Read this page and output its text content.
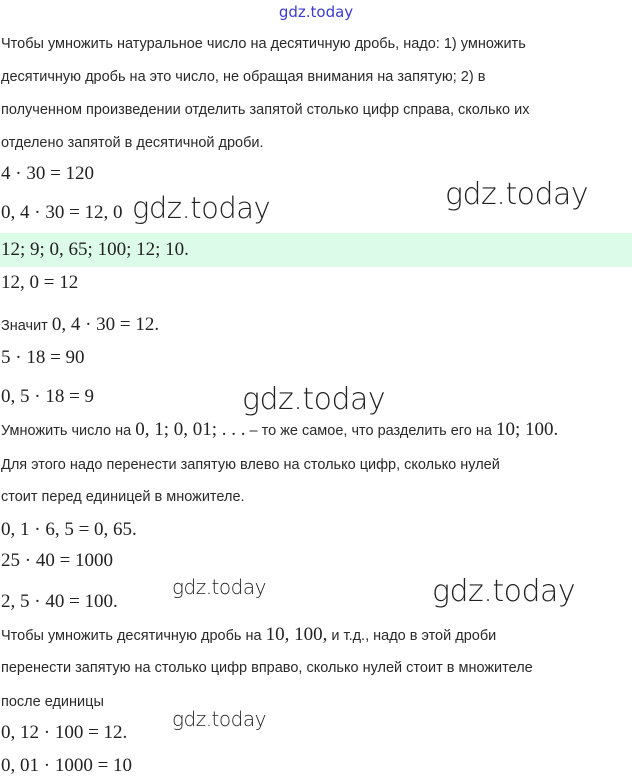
gdz.today
Чтобы умножить натуральное число на десятичную дробь, надо: 1) умножить
десятичную дробь на это число, не обращая внимания на запятую; 2) в
полученном произведении отделить запятой столько цифр справа, сколько их
отделено запятой в десятичной дроби.
4 · 30 = 120
0, 4 · 30 = 12, 0
12; 9; 0, 65; 100; 12; 10.
12, 0 = 12
Значит 0, 4 · 30 = 12.
5 · 18 = 90
0, 5 · 18 = 9
Умножить число на 0, 1; 0, 01; . . . – то же самое, что разделить его на 10; 100.
Для этого надо перенести запятую влево на столько цифр, сколько нулей
стоит перед единицей в множителе.
0, 1 · 6, 5 = 0, 65.
25 · 40 = 1000
2, 5 · 40 = 100.
Чтобы умножить десятичную дробь на 10, 100, и т.д., надо в этой дроби
перенести запятую на столько цифр вправо, сколько нулей стоит в множителе
после единицы
0, 12 · 100 = 12.
0, 01 · 1000 = 10
gdz.today	gdz.today
gdz.today
gdz.today	gdz.today
gdz.today
